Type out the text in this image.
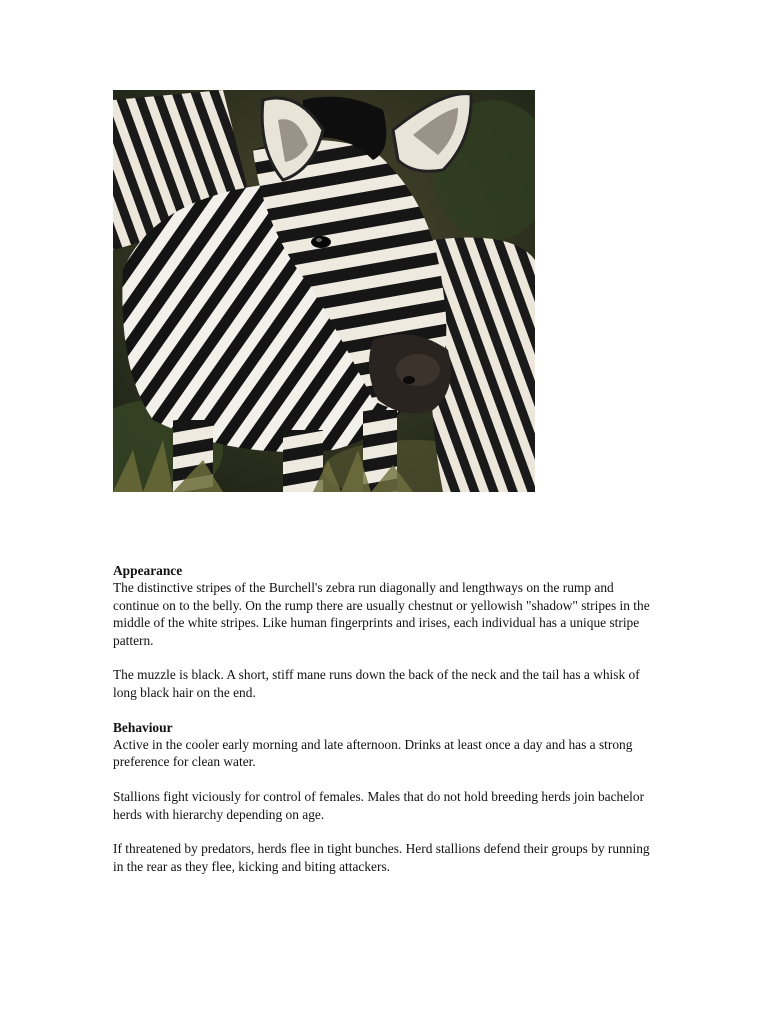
Appearance

The distinctive stripes of the Burchell's zebra run diagonally and lengthways on the rump and continue on to the belly. On the rump there are usually chestnut or yellowish "shadow" stripes in the middle of the white stripes. Like human fingerprints and irises, each individual has a unique stripe pattern.

The muzzle is black. A short, stiff mane runs down the back of the neck and the tail has a whisk of long black hair on the end.

Behaviour

Active in the cooler early morning and late afternoon. Drinks at least once a day and has a strong preference for clean water.

Stallions fight viciously for control of females. Males that do not hold breeding herds join bachelor herds with hierarchy depending on age.

If threatened by predators, herds flee in tight bunches. Herd stallions defend their groups by running in the rear as they flee, kicking and biting attackers.
